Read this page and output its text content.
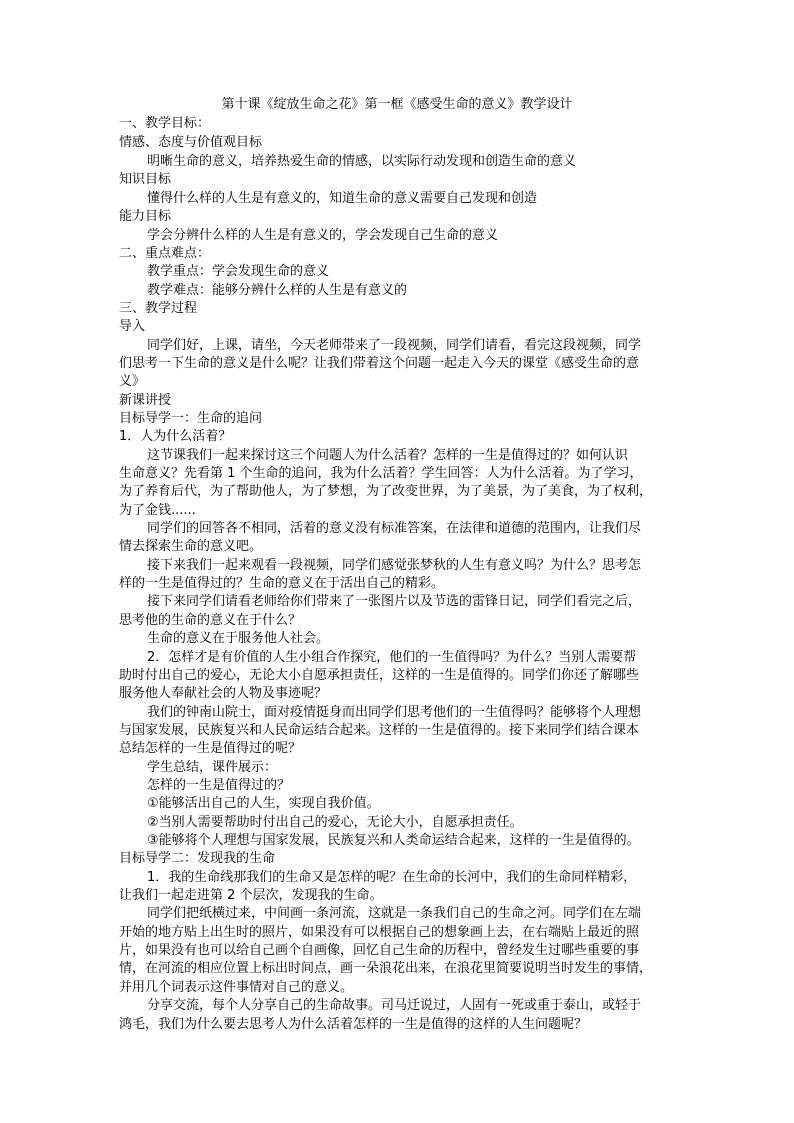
第十课《绽放生命之花》第一框《感受生命的意义》教学设计
一、教学目标：
情感、态度与价值观目标
明晰生命的意义，培养热爱生命的情感，以实际行动发现和创造生命的意义
知识目标
懂得什么样的人生是有意义的，知道生命的意义需要自己发现和创造
能力目标
学会分辨什么样的人生是有意义的，学会发现自己生命的意义
二、重点难点：
教学重点：学会发现生命的意义
教学难点：能够分辨什么样的人生是有意义的
三、教学过程
导入
同学们好，上课，请坐，今天老师带来了一段视频，同学们请看，看完这段视频，同学
们思考一下生命的意义是什么呢？让我们带着这个问题一起走入今天的课堂《感受生命的意
义》
新课讲授
目标导学一：生命的追问
1．人为什么活着？
这节课我们一起来探讨这三个问题人为什么活着？怎样的一生是值得过的？如何认识
生命意义？先看第 1 个生命的追问，我为什么活着？学生回答：人为什么活着。为了学习，
为了养育后代，为了帮助他人，为了梦想，为了改变世界，为了美景，为了美食，为了权利，
为了金钱......
同学们的回答各不相同，活着的意义没有标准答案，在法律和道德的范围内，让我们尽
情去探索生命的意义吧。
接下来我们一起来观看一段视频，同学们感觉张梦秋的人生有意义吗？为什么？思考怎
样的一生是值得过的？生命的意义在于活出自己的精彩。
接下来同学们请看老师给你们带来了一张图片以及节选的雷锋日记，同学们看完之后，
思考他的生命的意义在于什么？
生命的意义在于服务他人社会。
2．怎样才是有价值的人生小组合作探究，他们的一生值得吗？为什么？当别人需要帮
助时付出自己的爱心，无论大小自愿承担责任，这样的一生是值得的。同学们你还了解哪些
服务他人奉献社会的人物及事迹呢？
我们的钟南山院士，面对疫情挺身而出同学们思考他们的一生值得吗？能够将个人理想
与国家发展，民族复兴和人民命运结合起来。这样的一生是值得的。接下来同学们结合课本
总结怎样的一生是值得过的呢？
学生总结，课件展示：
怎样的一生是值得过的？
①能够活出自己的人生，实现自我价值。
②当别人需要帮助时付出自己的爱心，无论大小，自愿承担责任。
③能够将个人理想与国家发展，民族复兴和人类命运结合起来，这样的一生是值得的。
目标导学二：发现我的生命
1．我的生命线那我们的生命又是怎样的呢？在生命的长河中，我们的生命同样精彩，
让我们一起走进第 2 个层次，发现我的生命。
同学们把纸横过来，中间画一条河流，这就是一条我们自己的生命之河。同学们在左端
开始的地方贴上出生时的照片，如果没有可以根据自己的想象画上去，在右端贴上最近的照
片，如果没有也可以给自己画个自画像，回忆自己生命的历程中，曾经发生过哪些重要的事
情，在河流的相应位置上标出时间点，画一朵浪花出来，在浪花里简要说明当时发生的事情，
并用几个词表示这件事情对自己的意义。
分享交流，每个人分享自己的生命故事。司马迁说过，人固有一死或重于泰山，或轻于
鸿毛，我们为什么要去思考人为什么活着怎样的一生是值得的这样的人生问题呢？
